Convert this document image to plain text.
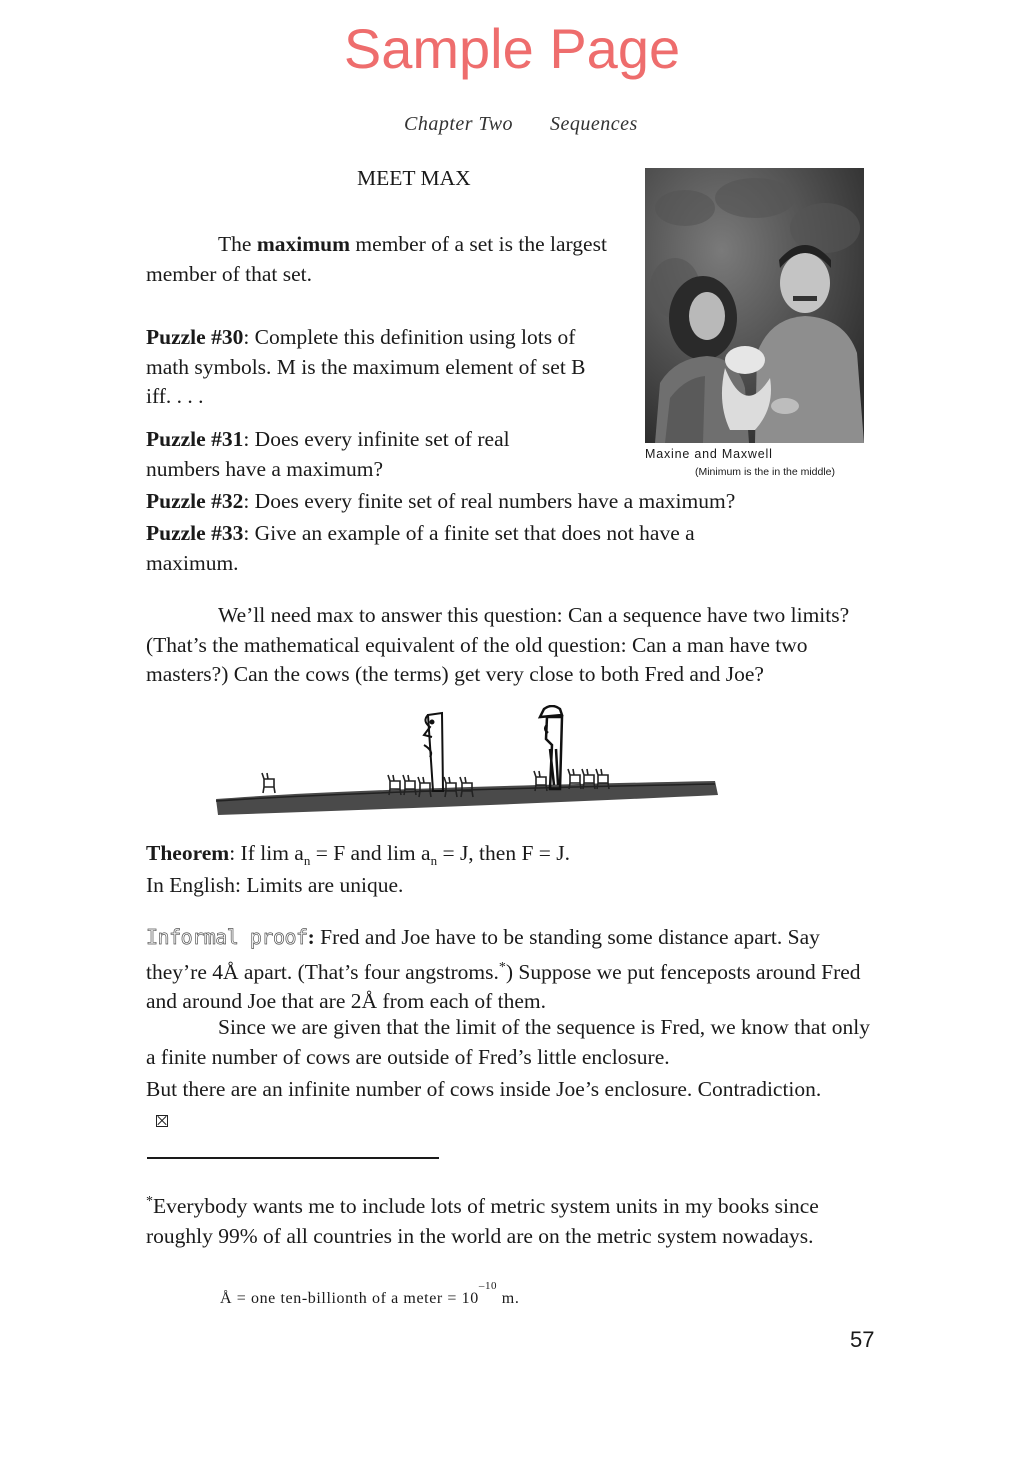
Sample Page
Chapter Two Sequences
MEET MAX
The maximum member of a set is the largest member of that set.
Puzzle #30: Complete this definition using lots of math symbols. M is the maximum element of set B iff. . . .
Puzzle #31: Does every infinite set of real numbers have a maximum?
Puzzle #32: Does every finite set of real numbers have a maximum?
Puzzle #33: Give an example of a finite set that does not have a maximum.
Maxine and Maxwell
(Minimum is the in the middle)
We’ll need max to answer this question: Can a sequence have two limits? (That’s the mathematical equivalent of the old question: Can a man have two masters?) Can the cows (the terms) get very close to both Fred and Joe?
Theorem: If $\lim a_n = F$ and $\lim a_n = J$, then F = J.
In English: Limits are unique.
Informal proof: Fred and Joe have to be standing some distance apart. Say they’re 4Å apart. (That’s four angstroms.*) Suppose we put fenceposts around Fred and around Joe that are 2Å from each of them.
Since we are given that the limit of the sequence is Fred, we know that only a finite number of cows are outside of Fred’s little enclosure.
But there are an infinite number of cows inside Joe’s enclosure. Contradiction.
*Everybody wants me to include lots of metric system units in my books since roughly 99% of all countries in the world are on the metric system nowadays.
Å = one ten-billionth of a meter = $10^{-10}$ m.
57
